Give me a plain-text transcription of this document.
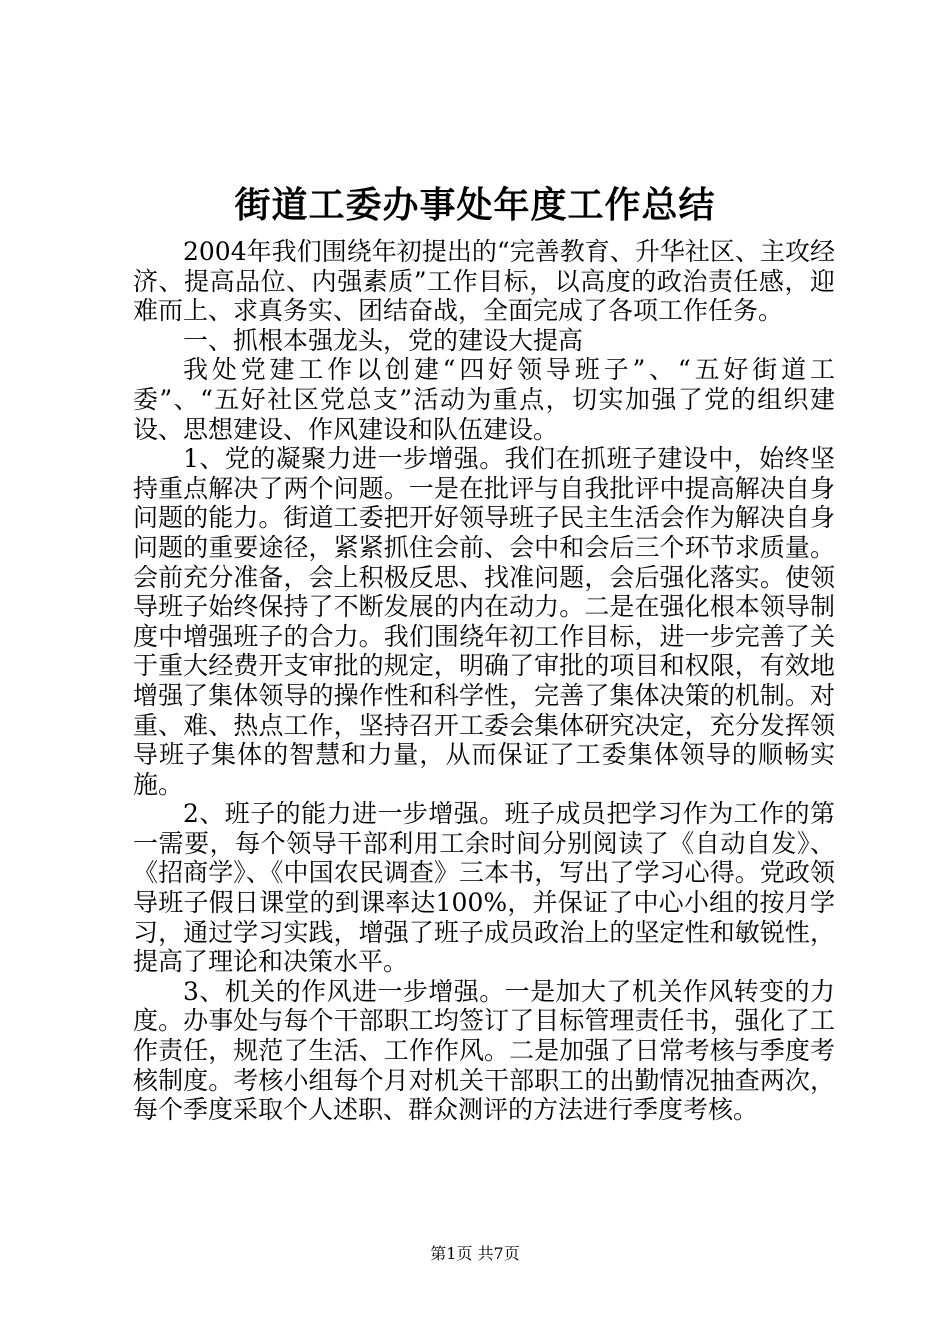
街道工委办事处年度工作总结

2004年我们围绕年初提出的“完善教育、升华社区、主攻经济、提高品位、内强素质”工作目标，以高度的政治责任感，迎难而上、求真务实、团结奋战，全面完成了各项工作任务。

一、抓根本强龙头，党的建设大提高

我处党建工作以创建“四好领导班子”、“五好街道工委”、“五好社区党总支”活动为重点，切实加强了党的组织建设、思想建设、作风建设和队伍建设。

1、党的凝聚力进一步增强。我们在抓班子建设中，始终坚持重点解决了两个问题。一是在批评与自我批评中提高解决自身问题的能力。街道工委把开好领导班子民主生活会作为解决自身问题的重要途径，紧紧抓住会前、会中和会后三个环节求质量。会前充分准备，会上积极反思、找准问题，会后强化落实。使领导班子始终保持了不断发展的内在动力。二是在强化根本领导制度中增强班子的合力。我们围绕年初工作目标，进一步完善了关于重大经费开支审批的规定，明确了审批的项目和权限，有效地增强了集体领导的操作性和科学性，完善了集体决策的机制。对重、难、热点工作，坚持召开工委会集体研究决定，充分发挥领导班子集体的智慧和力量，从而保证了工委集体领导的顺畅实施。

2、班子的能力进一步增强。班子成员把学习作为工作的第一需要，每个领导干部利用工余时间分别阅读了《自动自发》、《招商学》、《中国农民调查》三本书，写出了学习心得。党政领导班子假日课堂的到课率达100%，并保证了中心小组的按月学习，通过学习实践，增强了班子成员政治上的坚定性和敏锐性，提高了理论和决策水平。

3、机关的作风进一步增强。一是加大了机关作风转变的力度。办事处与每个干部职工均签订了目标管理责任书，强化了工作责任，规范了生活、工作作风。二是加强了日常考核与季度考核制度。考核小组每个月对机关干部职工的出勤情况抽查两次，每个季度采取个人述职、群众测评的方法进行季度考核。

第1页 共7页
